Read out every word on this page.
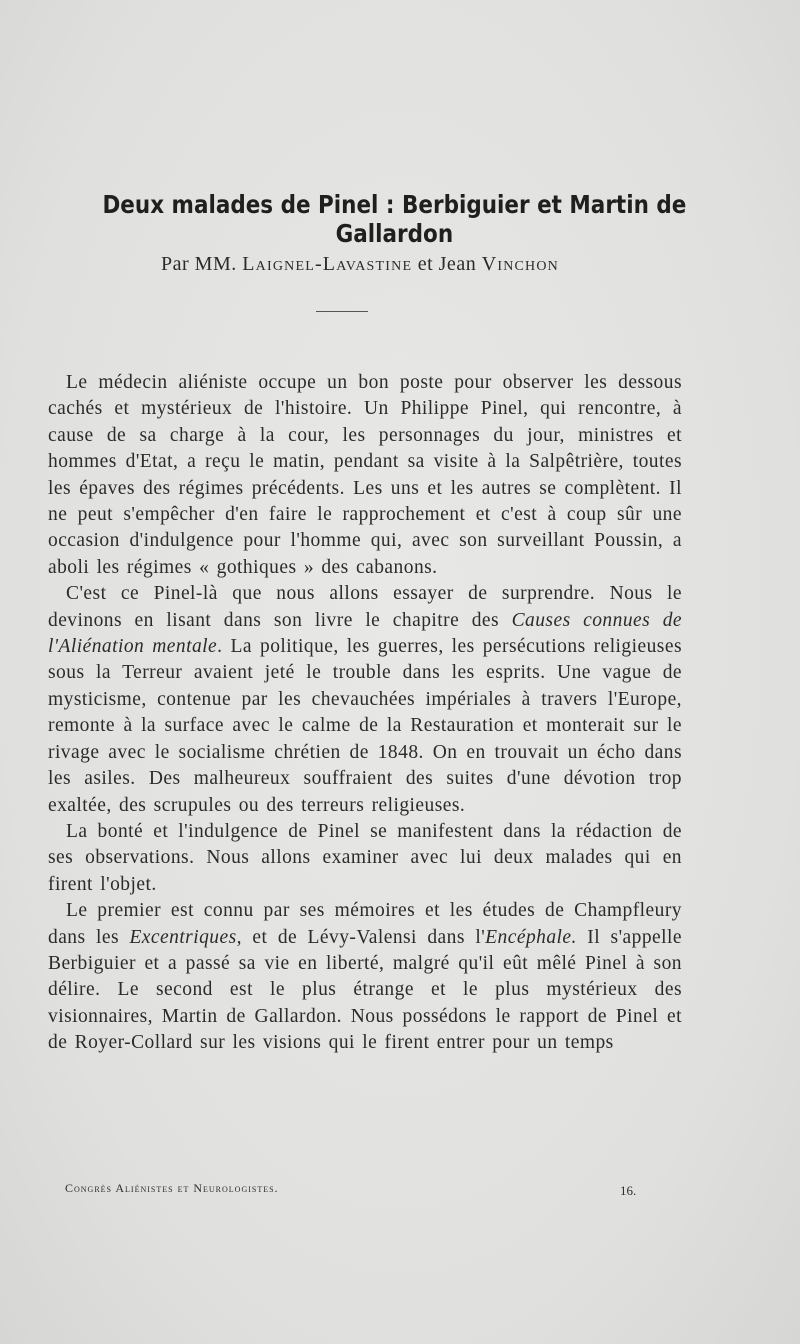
Deux malades de Pinel : Berbiguier et Martin de Gallardon
Par MM. Laignel-Lavastine et Jean Vinchon

Le médecin aliéniste occupe un bon poste pour observer les dessous cachés et mystérieux de l'histoire. Un Philippe Pinel, qui rencontre, à cause de sa charge à la cour, les personnages du jour, ministres et hommes d'Etat, a reçu le matin, pendant sa visite à la Salpêtrière, toutes les épaves des régimes précédents. Les uns et les autres se complètent. Il ne peut s'empêcher d'en faire le rapprochement et c'est à coup sûr une occasion d'indulgence pour l'homme qui, avec son surveillant Poussin, a aboli les régimes « gothiques » des cabanons.

C'est ce Pinel-là que nous allons essayer de surprendre. Nous le devinons en lisant dans son livre le chapitre des Causes connues de l'Aliénation mentale. La politique, les guerres, les persécutions religieuses sous la Terreur avaient jeté le trouble dans les esprits. Une vague de mysticisme, contenue par les chevauchées impériales à travers l'Europe, remonte à la surface avec le calme de la Restauration et monterait sur le rivage avec le socialisme chrétien de 1848. On en trouvait un écho dans les asiles. Des malheureux souffraient des suites d'une dévotion trop exaltée, des scrupules ou des terreurs religieuses.

La bonté et l'indulgence de Pinel se manifestent dans la rédaction de ses observations. Nous allons examiner avec lui deux malades qui en firent l'objet.

Le premier est connu par ses mémoires et les études de Champfleury dans les Excentriques, et de Lévy-Valensi dans l'Encéphale. Il s'appelle Berbiguier et a passé sa vie en liberté, malgré qu'il eût mêlé Pinel à son délire. Le second est le plus étrange et le plus mystérieux des visionnaires, Martin de Gallardon. Nous possédons le rapport de Pinel et de Royer-Collard sur les visions qui le firent entrer pour un temps

Congrès Aliénistes et Neurologistes.	16.
